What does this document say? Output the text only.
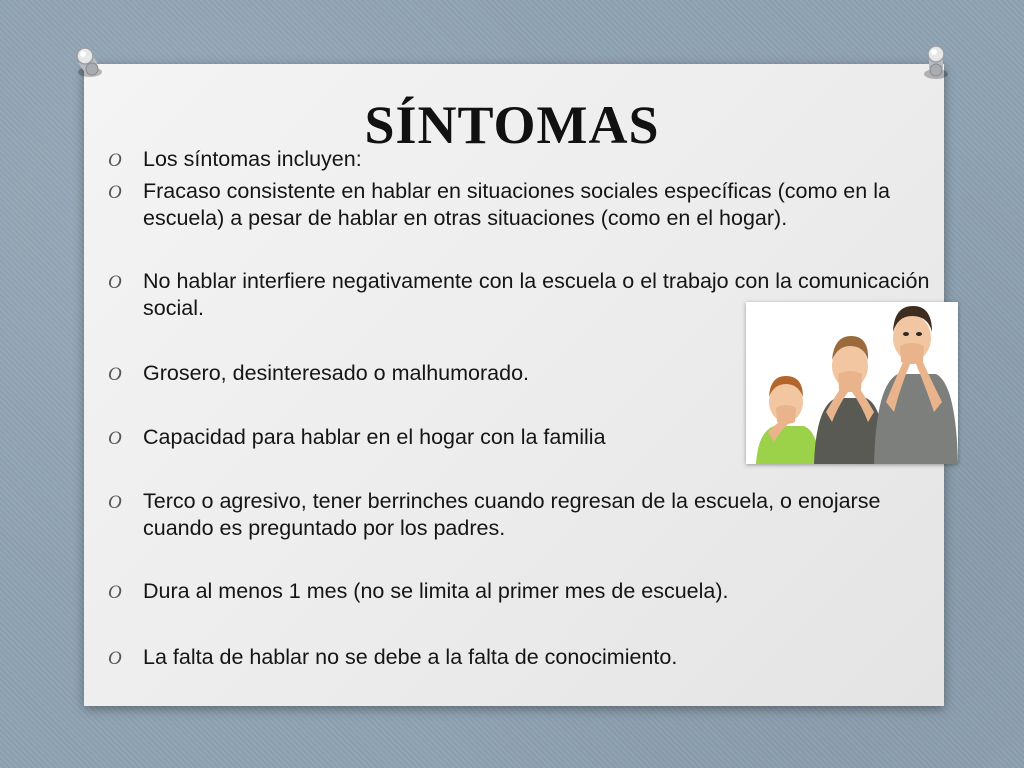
SÍNTOMAS
O Los síntomas incluyen:
O Fracaso consistente en hablar en situaciones sociales específicas (como en la escuela) a pesar de hablar en otras situaciones (como en el hogar).
O No hablar interfiere negativamente con la escuela o el trabajo con la comunicación social.
O Grosero, desinteresado o malhumorado.
O Capacidad para hablar en el hogar con la familia
O Terco o agresivo, tener berrinches cuando regresan de la escuela, o enojarse cuando es preguntado por los padres.
O Dura al menos 1 mes (no se limita al primer mes de escuela).
O La falta de hablar no se debe a la falta de conocimiento.
